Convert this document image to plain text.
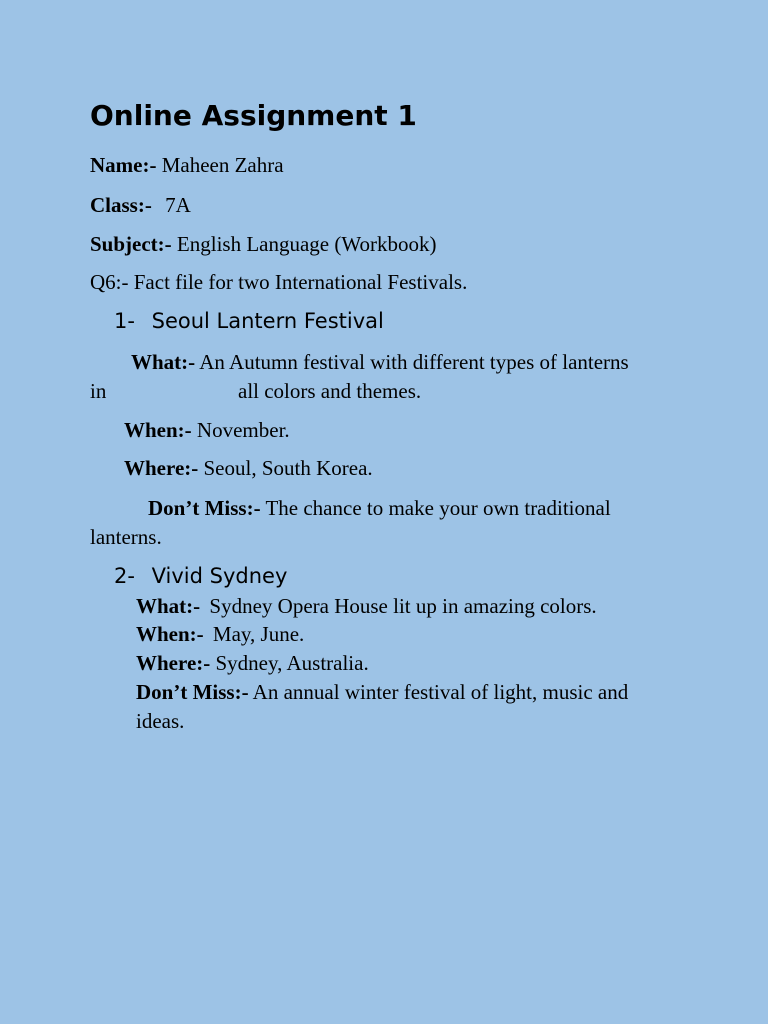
Online Assignment 1
Name:- Maheen Zahra
Class:- 7A
Subject:- English Language (Workbook)
Q6:- Fact file for two International Festivals.
1- Seoul Lantern Festival
What:- An Autumn festival with different types of lanterns
in	all colors and themes.
When:- November.
Where:- Seoul, South Korea.
Don’t Miss:- The chance to make your own traditional
lanterns.
2- Vivid Sydney
What:- Sydney Opera House lit up in amazing colors.
When:- May, June.
Where:- Sydney, Australia.
Don’t Miss:- An annual winter festival of light, music and
ideas.
